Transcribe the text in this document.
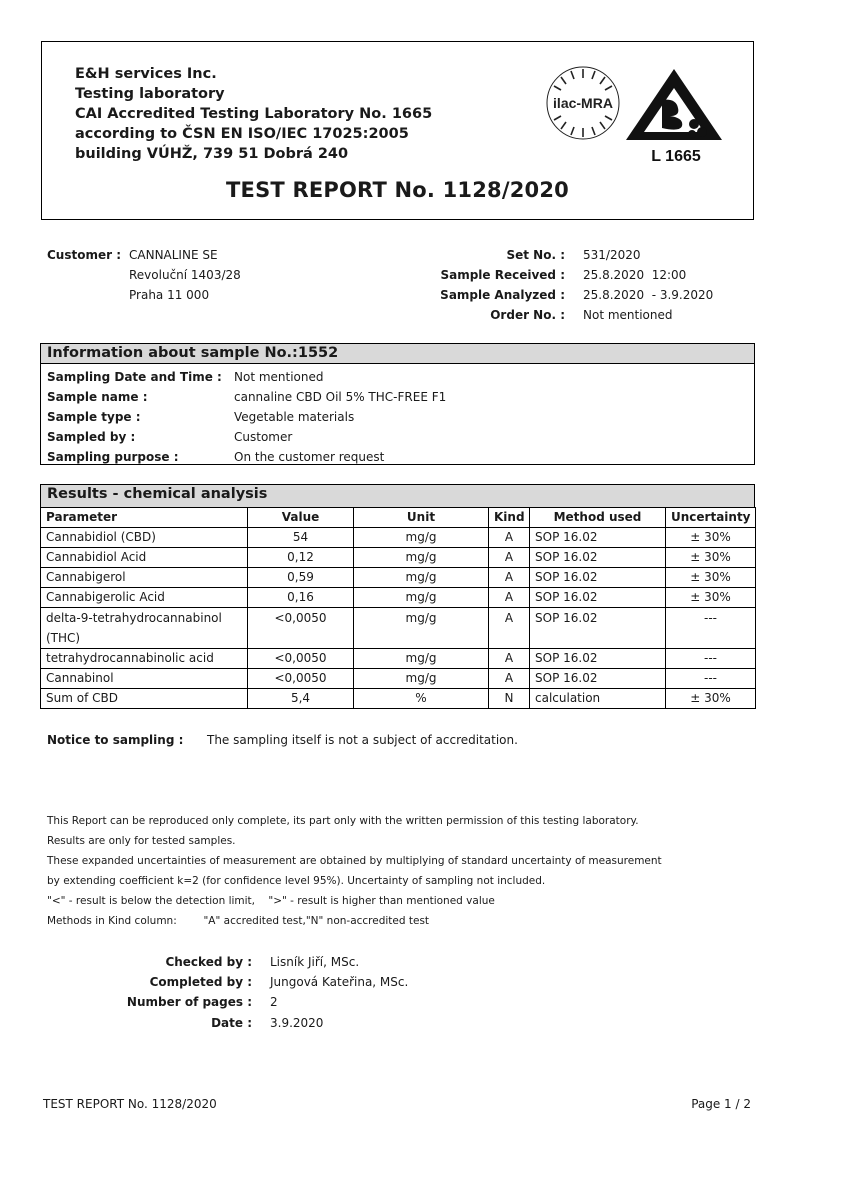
E&H services Inc.
Testing laboratory
CAI Accredited Testing Laboratory No. 1665
according to ČSN EN ISO/IEC 17025:2005
building VÚHŽ, 739 51 Dobrá 240
ilac-MRA
L 1665
TEST REPORT No. 1128/2020
Customer : CANNALINE SE
Revoluční 1403/28
Praha 11 000
Set No. : 531/2020
Sample Received : 25.8.2020  12:00
Sample Analyzed : 25.8.2020  - 3.9.2020
Order No. : Not mentioned
Information about sample No.:1552
Sampling Date and Time : Not mentioned
Sample name :	cannaline CBD Oil 5% THC-FREE F1
Sample type :	Vegetable materials
Sampled by :	Customer
Sampling purpose :	On the customer request
Results - chemical analysis
Parameter	Value	Unit	Kind	Method used	Uncertainty
Cannabidiol (CBD)	54	mg/g	A	SOP 16.02	± 30%
Cannabidiol Acid	0,12	mg/g	A	SOP 16.02	± 30%
Cannabigerol	0,59	mg/g	A	SOP 16.02	± 30%
Cannabigerolic Acid	0,16	mg/g	A	SOP 16.02	± 30%
delta-9-tetrahydrocannabinol (THC)	<0,0050	mg/g	A	SOP 16.02	---
tetrahydrocannabinolic acid	<0,0050	mg/g	A	SOP 16.02	---
Cannabinol	<0,0050	mg/g	A	SOP 16.02	---
Sum of CBD	5,4	%	N	calculation	± 30%
Notice to sampling : The sampling itself is not a subject of accreditation.
This Report can be reproduced only complete, its part only with the written permission of this testing laboratory.
Results are only for tested samples.
These expanded uncertainties of measurement are obtained by multiplying of standard uncertainty of measurement
by extending coefficient k=2 (for confidence level 95%). Uncertainty of sampling not included.
"<" - result is below the detection limit,    ">" - result is higher than mentioned value
Methods in Kind column:        "A" accredited test,"N" non-accredited test
Checked by : Lisník Jiří, MSc.
Completed by : Jungová Kateřina, MSc.
Number of pages : 2
Date : 3.9.2020
TEST REPORT No. 1128/2020	Page 1 / 2
